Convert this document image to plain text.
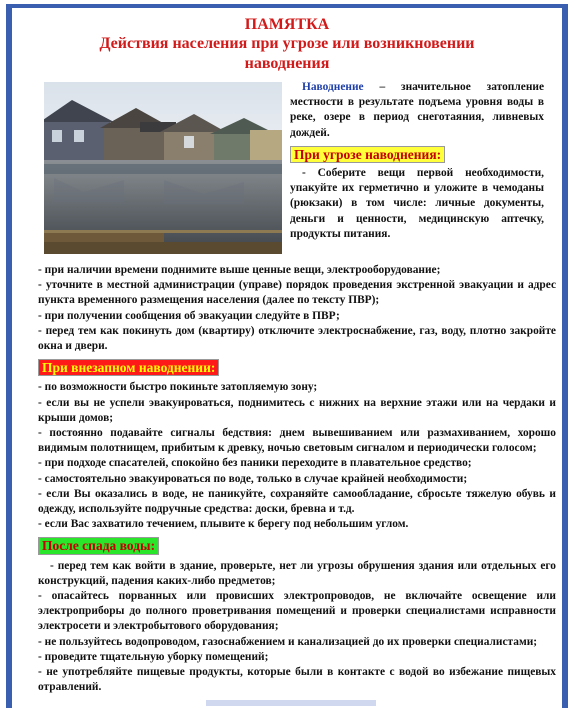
ПАМЯТКА

Действия населения при угрозе или возникновении

наводнения

Наводнение – значительное затопление местности в результате подъема уровня воды в реке, озере в период снеготаяния, ливневых дождей.

При угрозе наводнения:

- Соберите вещи первой необходимости, упакуйте их герметично и уложите в чемоданы (рюкзаки) в том числе: личные документы, деньги и ценности, медицинскую аптечку, продукты питания.

- при наличии времени поднимите выше ценные вещи, электрооборудование;

- уточните в местной администрации (управе) порядок проведения экстренной эвакуации и адрес пункта временного размещения населения (далее по тексту ПВР);

- при получении сообщения об эвакуации следуйте в ПВР;

- перед тем как покинуть дом (квартиру) отключите электроснабжение, газ, воду, плотно закройте окна и двери.

При внезапном наводнении:

- по возможности быстро покиньте затопляемую зону;

- если вы не успели эвакуироваться, поднимитесь с нижних на верхние этажи или на чердаки и крыши домов;

- постоянно подавайте сигналы бедствия: днем вывешиванием или размахиванием, хорошо видимым полотнищем, прибитым к древку, ночью световым сигналом и периодически голосом;

- при подходе спасателей, спокойно без паники переходите в плавательное средство;

- самостоятельно эвакуироваться по воде, только в случае крайней необходимости;

- если Вы оказались в воде, не паникуйте, сохраняйте самообладание, сбросьте тяжелую обувь и одежду, используйте подручные средства: доски, бревна и т.д.

- если Вас захватило течением, плывите к берегу под небольшим углом.

После спада воды:

- перед тем как войти в здание, проверьте, нет ли угрозы обрушения здания или отдельных его конструкций, падения каких-либо предметов;

- опасайтесь порванных или провисших электропроводов, не включайте освещение или электроприборы до полного проветривания помещений и проверки специалистами исправности электросети и электробытового оборудования;

- не пользуйтесь водопроводом, газоснабжением и канализацией до их проверки специалистами;

- проведите тщательную уборку помещений;

- не употребляйте пищевые продукты, которые были в контакте с водой во избежание пищевых отравлений.
